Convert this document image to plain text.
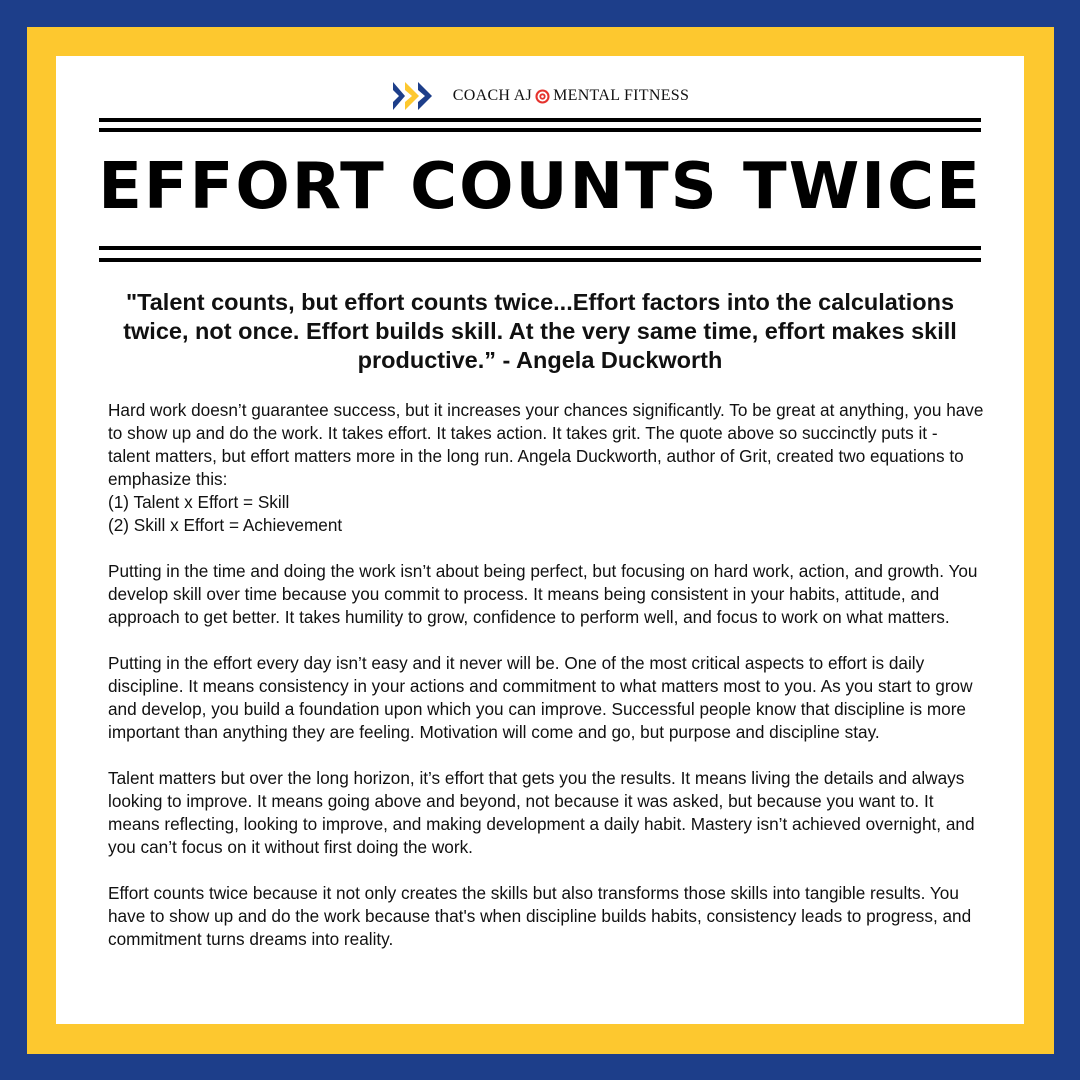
COACH AJ MENTAL FITNESS
EFFORT COUNTS TWICE
"Talent counts, but effort counts twice...Effort factors into the calculations twice, not once. Effort builds skill. At the very same time, effort makes skill productive.” - Angela Duckworth

Hard work doesn’t guarantee success, but it increases your chances significantly. To be great at anything, you have to show up and do the work. It takes effort. It takes action. It takes grit. The quote above so succinctly puts it - talent matters, but effort matters more in the long run. Angela Duckworth, author of Grit, created two equations to emphasize this:
(1) Talent x Effort = Skill
(2) Skill x Effort = Achievement

Putting in the time and doing the work isn’t about being perfect, but focusing on hard work, action, and growth. You develop skill over time because you commit to process. It means being consistent in your habits, attitude, and approach to get better. It takes humility to grow, confidence to perform well, and focus to work on what matters.

Putting in the effort every day isn’t easy and it never will be. One of the most critical aspects to effort is daily discipline. It means consistency in your actions and commitment to what matters most to you. As you start to grow and develop, you build a foundation upon which you can improve. Successful people know that discipline is more important than anything they are feeling. Motivation will come and go, but purpose and discipline stay.

Talent matters but over the long horizon, it’s effort that gets you the results. It means living the details and always looking to improve. It means going above and beyond, not because it was asked, but because you want to. It means reflecting, looking to improve, and making development a daily habit. Mastery isn’t achieved overnight, and you can’t focus on it without first doing the work.

Effort counts twice because it not only creates the skills but also transforms those skills into tangible results. You have to show up and do the work because that's when discipline builds habits, consistency leads to progress, and commitment turns dreams into reality.
